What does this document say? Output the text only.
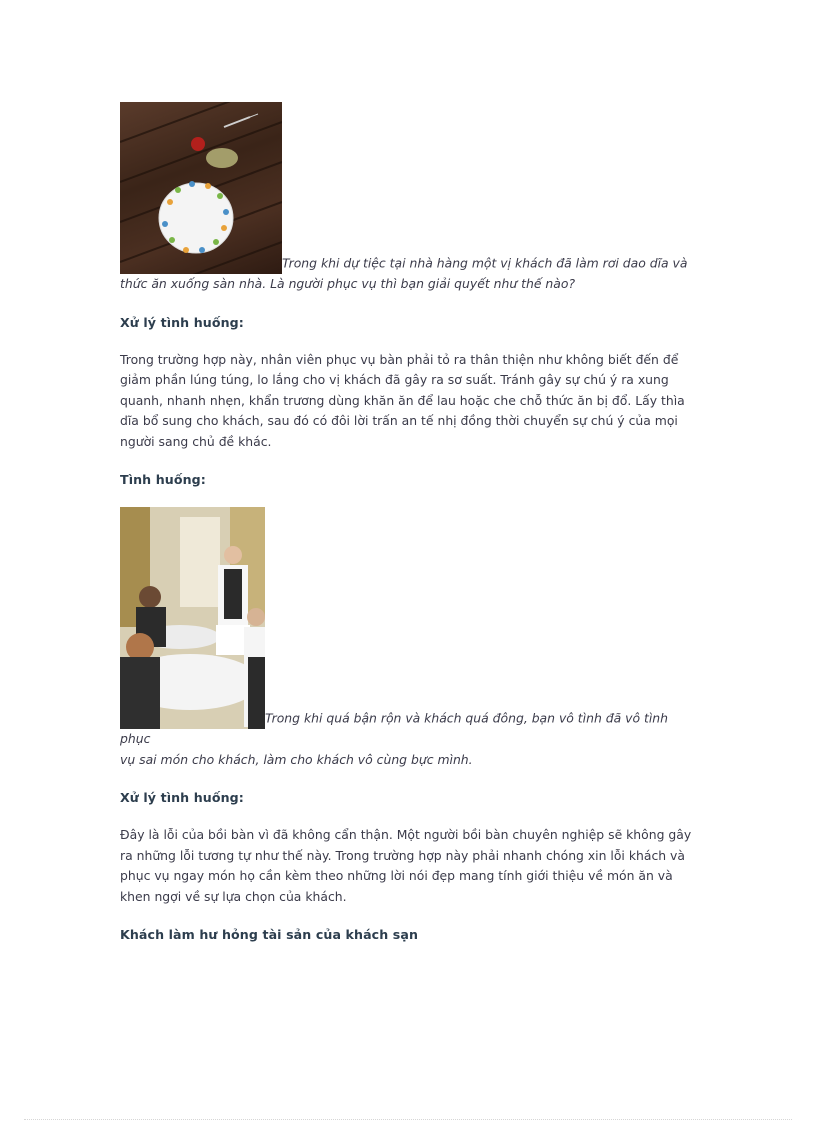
Trong khi dự tiệc tại nhà hàng một vị khách đã làm rơi dao dĩa và
thức ăn xuống sàn nhà. Là người phục vụ thì bạn giải quyết như thế nào?

Xử lý tình huống:

Trong trường hợp này, nhân viên phục vụ bàn phải tỏ ra thân thiện như không biết đến để giảm phần lúng túng, lo lắng cho vị khách đã gây ra sơ suất. Tránh gây sự chú ý ra xung quanh, nhanh nhẹn, khẩn trương dùng khăn ăn để lau hoặc che chỗ thức ăn bị đổ. Lấy thìa dĩa bổ sung cho khách, sau đó có đôi lời trấn an tế nhị đồng thời chuyển sự chú ý của mọi người sang chủ đề khác.

Tình huống:

Trong khi quá bận rộn và khách quá đông, bạn vô tình đã vô tình phục
vụ sai món cho khách, làm cho khách vô cùng bực mình.

Xử lý tình huống:

Đây là lỗi của bồi bàn vì đã không cẩn thận. Một người bồi bàn chuyên nghiệp sẽ không gây ra những lỗi tương tự như thế này. Trong trường hợp này phải nhanh chóng xin lỗi khách và phục vụ ngay món họ cần kèm theo những lời nói đẹp mang tính giới thiệu về món ăn và khen ngợi về sự lựa chọn của khách.

Khách làm hư hỏng tài sản của khách sạn
